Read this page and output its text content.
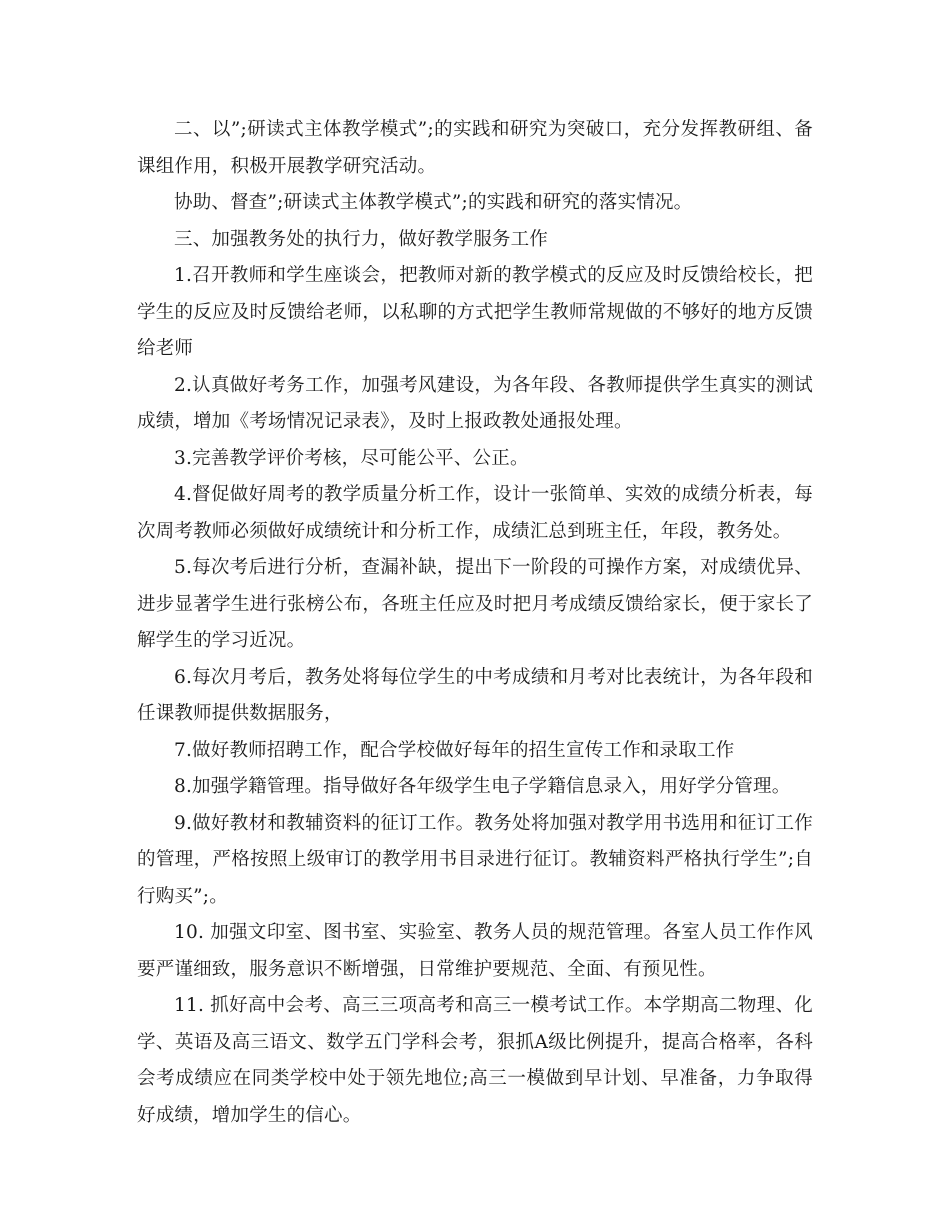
二、以”;研读式主体教学模式”;的实践和研究为突破口，充分发挥教研组、备课组作用，积极开展教学研究活动。

协助、督查”;研读式主体教学模式”;的实践和研究的落实情况。

三、加强教务处的执行力，做好教学服务工作

1.召开教师和学生座谈会，把教师对新的教学模式的反应及时反馈给校长，把学生的反应及时反馈给老师，以私聊的方式把学生教师常规做的不够好的地方反馈给老师

2.认真做好考务工作，加强考风建设，为各年段、各教师提供学生真实的测试成绩，增加《考场情况记录表》，及时上报政教处通报处理。

3.完善教学评价考核，尽可能公平、公正。

4.督促做好周考的教学质量分析工作，设计一张简单、实效的成绩分析表，每次周考教师必须做好成绩统计和分析工作，成绩汇总到班主任，年段，教务处。

5.每次考后进行分析，查漏补缺，提出下一阶段的可操作方案，对成绩优异、进步显著学生进行张榜公布，各班主任应及时把月考成绩反馈给家长，便于家长了解学生的学习近况。

6.每次月考后，教务处将每位学生的中考成绩和月考对比表统计，为各年段和任课教师提供数据服务，

7.做好教师招聘工作，配合学校做好每年的招生宣传工作和录取工作

8.加强学籍管理。指导做好各年级学生电子学籍信息录入，用好学分管理。

9.做好教材和教辅资料的征订工作。教务处将加强对教学用书选用和征订工作的管理，严格按照上级审订的教学用书目录进行征订。教辅资料严格执行学生”;自行购买”;。

10. 加强文印室、图书室、实验室、教务人员的规范管理。各室人员工作作风要严谨细致，服务意识不断增强，日常维护要规范、全面、有预见性。

11. 抓好高中会考、高三三项高考和高三一模考试工作。本学期高二物理、化学、英语及高三语文、数学五门学科会考，狠抓A级比例提升，提高合格率，各科会考成绩应在同类学校中处于领先地位;高三一模做到早计划、早准备，力争取得好成绩，增加学生的信心。
